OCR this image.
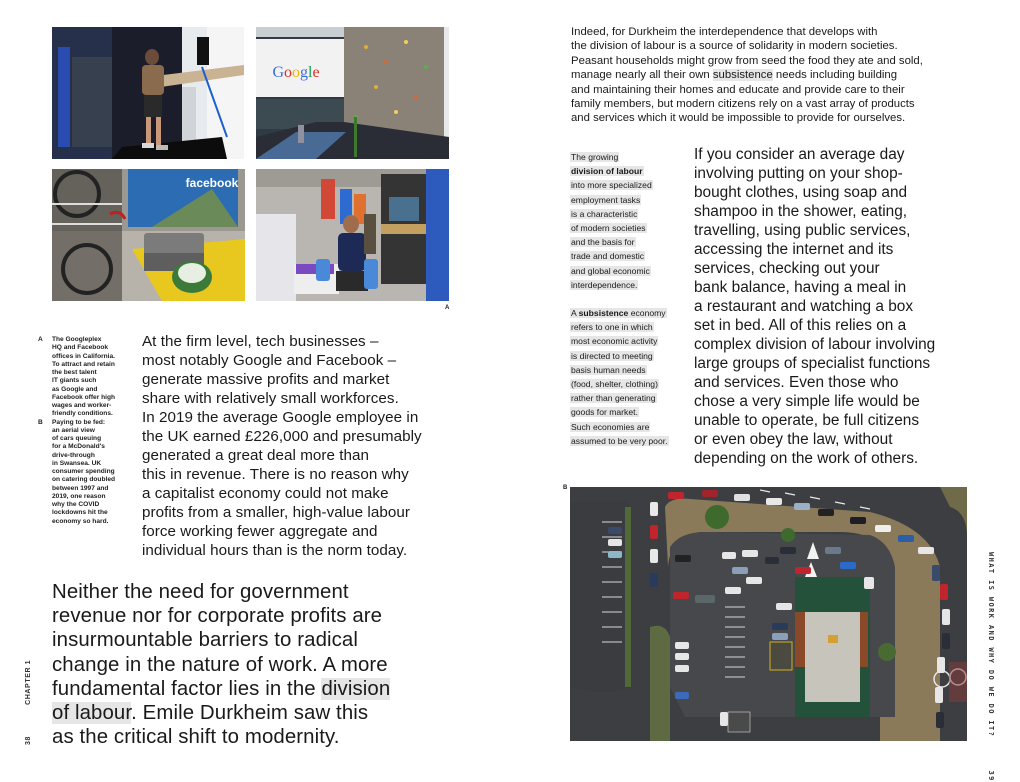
Google
facebook
A
A	The Googleplex
HQ and Facebook
offices in California.
To attract and retain
the best talent
IT giants such
as Google and
Facebook offer high
wages and worker-
friendly conditions.
B	Paying to be fed:
an aerial view
of cars queuing
for a McDonald's
drive-through
in Swansea. UK
consumer spending
on catering doubled
between 1997 and
2019, one reason
why the COVID
lockdowns hit the
economy so hard.
At the firm level, tech businesses –
most notably Google and Facebook –
generate massive profits and market
share with relatively small workforces.
In 2019 the average Google employee in
the UK earned £226,000 and presumably
generated a great deal more than
this in revenue. There is no reason why
a capitalist economy could not make
profits from a smaller, high-value labour
force working fewer aggregate and
individual hours than is the norm today.
Neither the need for government
revenue nor for corporate profits are
insurmountable barriers to radical
change in the nature of work. A more
fundamental factor lies in the division
of labour. Emile Durkheim saw this
as the critical shift to modernity.
38  CHAPTER 1
Indeed, for Durkheim the interdependence that develops with
the division of labour is a source of solidarity in modern societies.
Peasant households might grow from seed the food they ate and sold,
manage nearly all their own subsistence needs including building
and maintaining their homes and educate and provide care to their
family members, but modern citizens rely on a vast array of products
and services which it would be impossible to provide for ourselves.
The growing
division of labour
into more specialized
employment tasks
is a characteristic
of modern societies
and the basis for
trade and domestic
and global economic
interdependence.
A subsistence economy
refers to one in which
most economic activity
is directed to meeting
basis human needs
(food, shelter, clothing)
rather than generating
goods for market.
Such economies are
assumed to be very poor.
If you consider an average day
involving putting on your shop-
bought clothes, using soap and
shampoo in the shower, eating,
travelling, using public services,
accessing the internet and its
services, checking out your
bank balance, having a meal in
a restaurant and watching a box
set in bed. All of this relies on a
complex division of labour involving
large groups of specialist functions
and services. Even those who
chose a very simple life would be
unable to operate, be full citizens
or even obey the law, without
depending on the work of others.
B
WHAT IS WORK AND WHY DO WE DO IT?  39
